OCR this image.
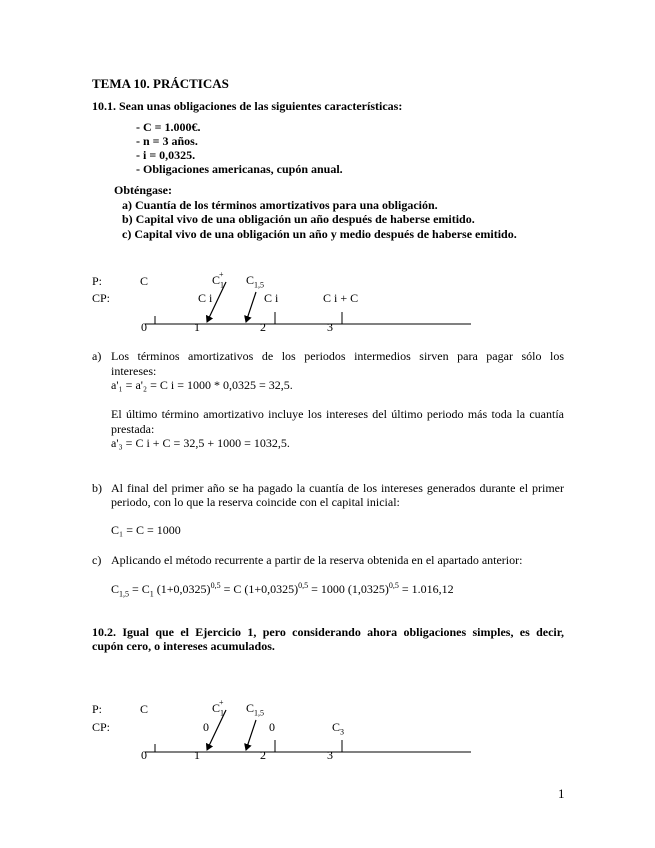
TEMA 10. PRÁCTICAS
10.1. Sean unas obligaciones de las siguientes características:
- C = 1.000€.
- n = 3 años.
- i = 0,0325.
- Obligaciones americanas, cupón anual.
Obténgase:
a) Cuantía de los términos amortizativos para una obligación.
b) Capital vivo de una obligación un año después de haberse emitido.
c) Capital vivo de una obligación un año y medio después de haberse emitido.
P:
CP:
C	$C_1^+$	$C_{1,5}$
C i	C i	C i + C
0	1	2	3
a) Los términos amortizativos de los periodos intermedios sirven para pagar sólo los
intereses:
a'₁ = a'₂ = C i = 1000 * 0,0325 = 32,5.
El último término amortizativo incluye los intereses del último periodo más toda la cuantía
prestada:
a'₃ = C i + C = 32,5 + 1000 = 1032,5.
b) Al final del primer año se ha pagado la cuantía de los intereses generados durante el primer
periodo, con lo que la reserva coincide con el capital inicial:
C₁ = C = 1000
c) Aplicando el método recurrente a partir de la reserva obtenida en el apartado anterior:
$C_{1,5} = C_1$ $(1+0,0325)^{0,5} = C$ $(1+0,0325)^{0,5} = 1000$ $(1,0325)^{0,5} = 1.016,12$
10.2. Igual que el Ejercicio 1, pero considerando ahora obligaciones simples, es decir,
cupón cero, o intereses acumulados.
P:
CP:
C	$C_1^+$	$C_{1,5}$
0	0	$C_3$
0	1	2	3
1
